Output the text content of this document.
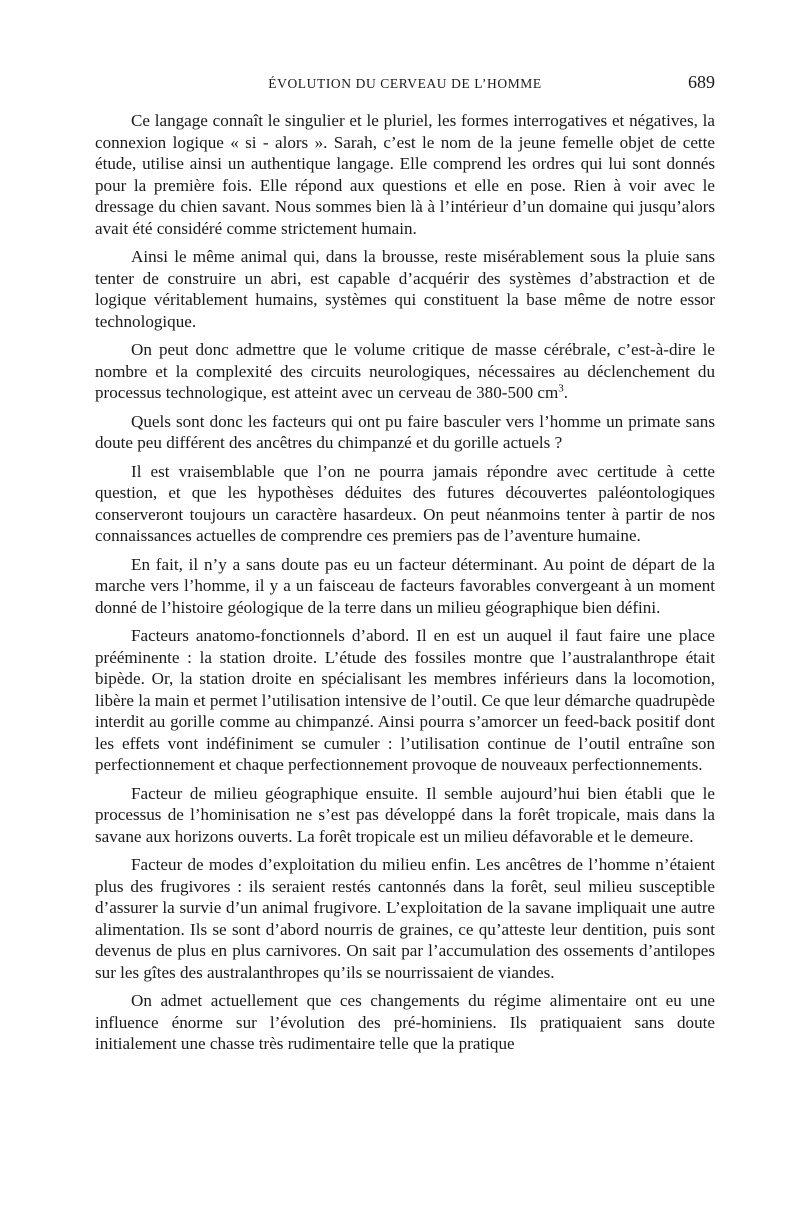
ÉVOLUTION DU CERVEAU DE L’HOMME	689

Ce langage connaît le singulier et le pluriel, les formes interrogatives et négatives, la connexion logique « si - alors ». Sarah, c’est le nom de la jeune femelle objet de cette étude, utilise ainsi un authentique langage. Elle comprend les ordres qui lui sont donnés pour la première fois. Elle répond aux questions et elle en pose. Rien à voir avec le dressage du chien savant. Nous sommes bien là à l’intérieur d’un domaine qui jusqu’alors avait été considéré comme strictement humain.

Ainsi le même animal qui, dans la brousse, reste misérablement sous la pluie sans tenter de construire un abri, est capable d’acquérir des systèmes d’abstraction et de logique véritablement humains, systèmes qui constituent la base même de notre essor technologique.

On peut donc admettre que le volume critique de masse cérébrale, c’est-à-dire le nombre et la complexité des circuits neurologiques, nécessaires au déclenchement du processus technologique, est atteint avec un cerveau de 380-500 $cm^3$.

Quels sont donc les facteurs qui ont pu faire basculer vers l’homme un primate sans doute peu différent des ancêtres du chimpanzé et du gorille actuels ?

Il est vraisemblable que l’on ne pourra jamais répondre avec certitude à cette question, et que les hypothèses déduites des futures découvertes paléontologiques conserveront toujours un caractère hasardeux. On peut néanmoins tenter à partir de nos connaissances actuelles de comprendre ces premiers pas de l’aventure humaine.

En fait, il n’y a sans doute pas eu un facteur déterminant. Au point de départ de la marche vers l’homme, il y a un faisceau de facteurs favorables convergeant à un moment donné de l’histoire géologique de la terre dans un milieu géographique bien défini.

Facteurs anatomo-fonctionnels d’abord. Il en est un auquel il faut faire une place prééminente : la station droite. L’étude des fossiles montre que l’australanthrope était bipède. Or, la station droite en spécialisant les membres inférieurs dans la locomotion, libère la main et permet l’utilisation intensive de l’outil. Ce que leur démarche quadrupède interdit au gorille comme au chimpanzé. Ainsi pourra s’amorcer un feed-back positif dont les effets vont indéfiniment se cumuler : l’utilisation continue de l’outil entraîne son perfectionnement et chaque perfectionnement provoque de nouveaux perfectionnements.

Facteur de milieu géographique ensuite. Il semble aujourd’hui bien établi que le processus de l’hominisation ne s’est pas développé dans la forêt tropicale, mais dans la savane aux horizons ouverts. La forêt tropicale est un milieu défavorable et le demeure.

Facteur de modes d’exploitation du milieu enfin. Les ancêtres de l’homme n’étaient plus des frugivores : ils seraient restés cantonnés dans la forêt, seul milieu susceptible d’assurer la survie d’un animal frugivore. L’exploitation de la savane impliquait une autre alimentation. Ils se sont d’abord nourris de graines, ce qu’atteste leur dentition, puis sont devenus de plus en plus carnivores. On sait par l’accumulation des ossements d’antilopes sur les gîtes des australanthropes qu’ils se nourrissaient de viandes.

On admet actuellement que ces changements du régime alimentaire ont eu une influence énorme sur l’évolution des pré-hominiens. Ils pratiquaient sans doute initialement une chasse très rudimentaire telle que la pratique
